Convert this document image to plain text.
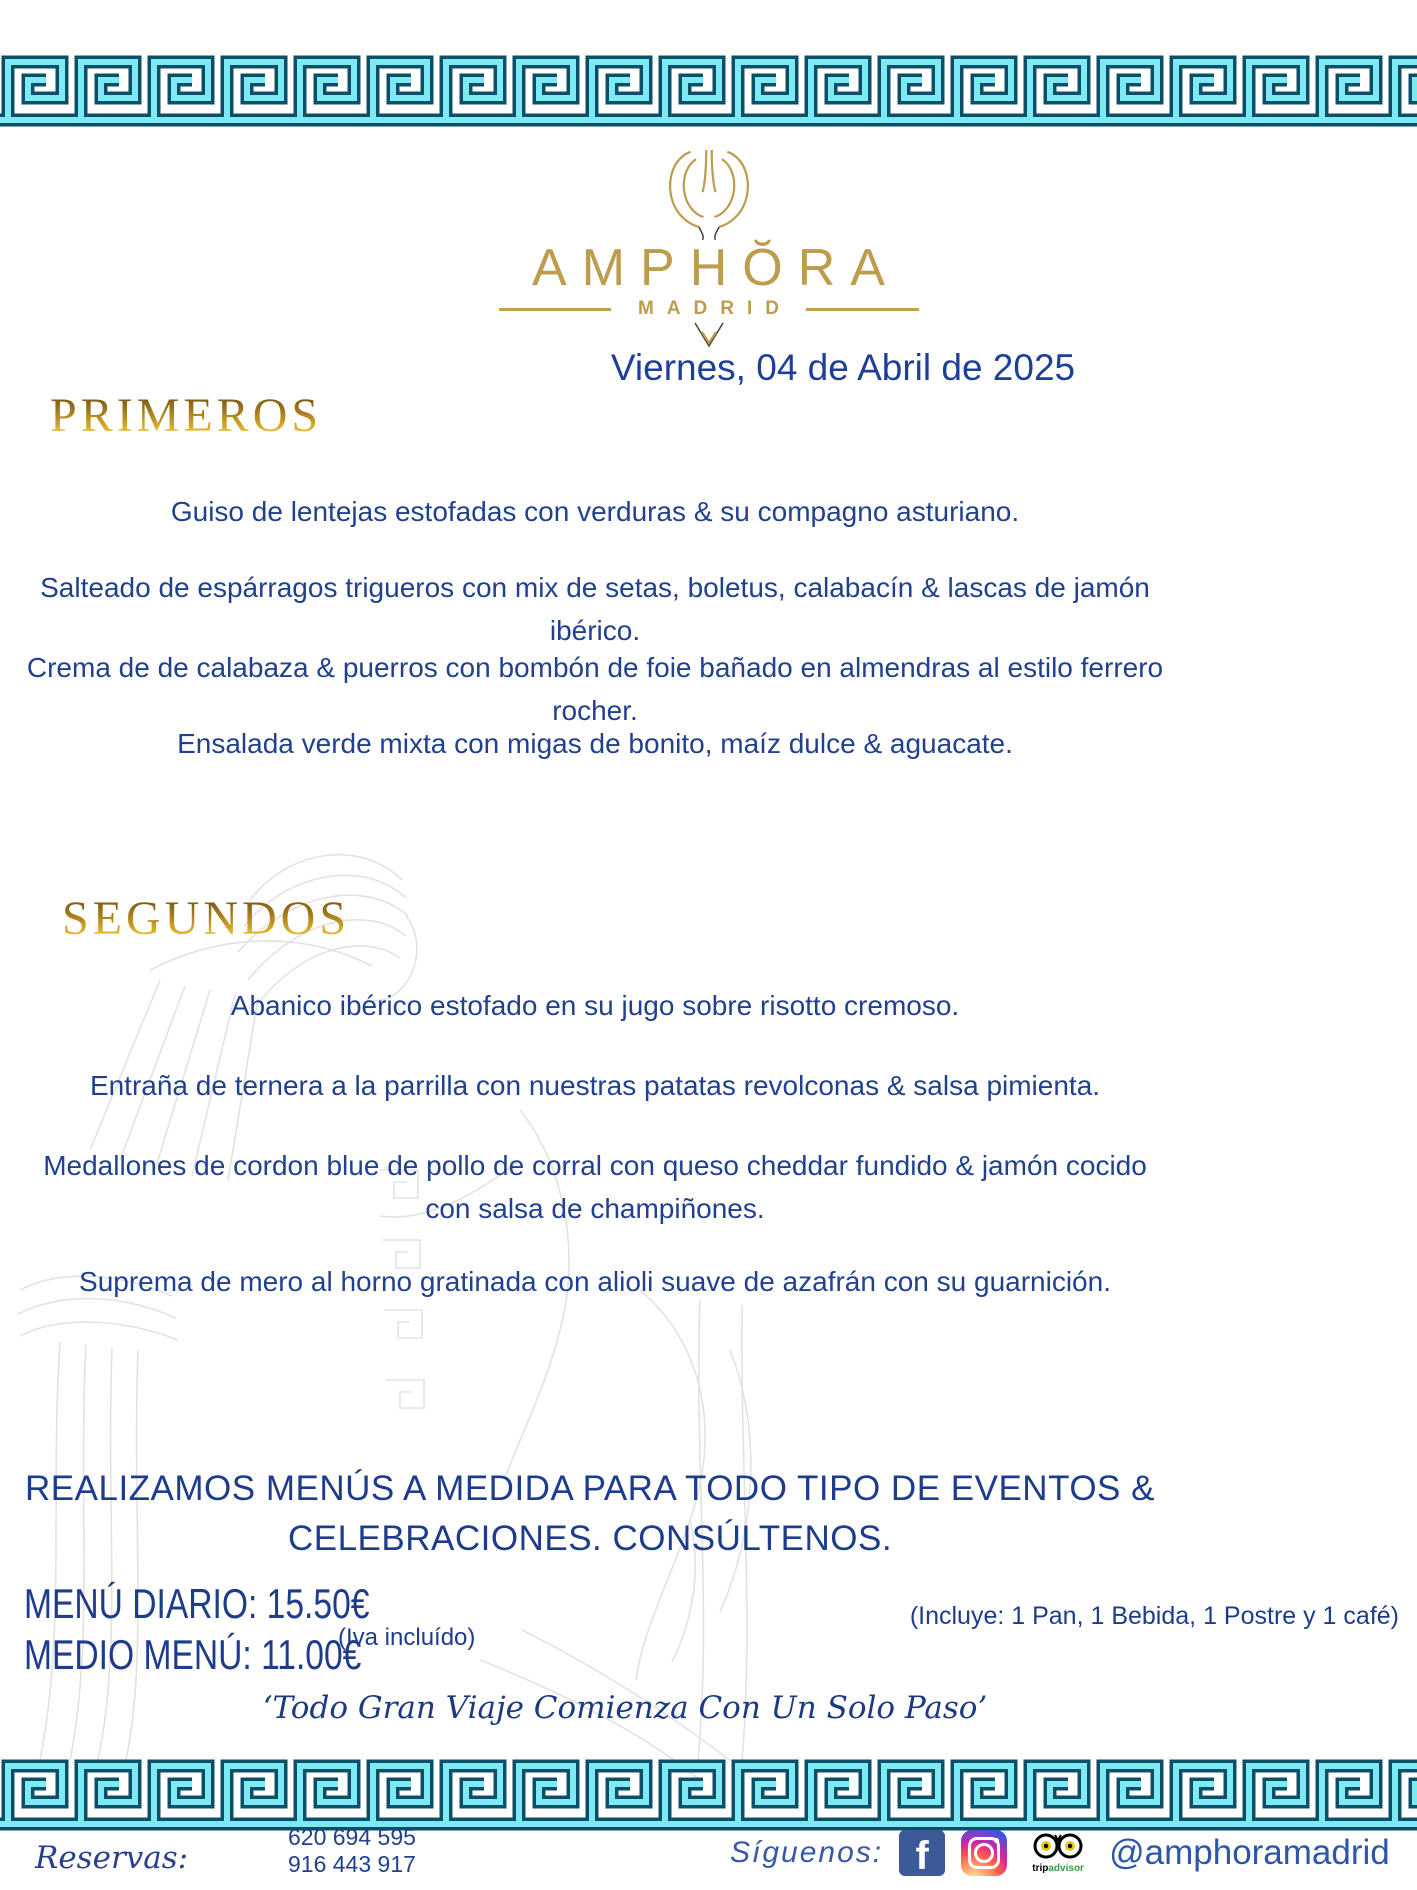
AMPHŎRA
MADRID
Viernes, 04 de Abril de 2025
PRIMEROS
Guiso de lentejas estofadas con verduras & su compagno asturiano.
Salteado de espárragos trigueros con mix de setas, boletus, calabacín & lascas de jamón ibérico.
Crema de de calabaza & puerros con bombón de foie bañado en almendras al estilo ferrero rocher.
Ensalada verde mixta con migas de bonito, maíz dulce & aguacate.
SEGUNDOS
Abanico ibérico estofado en su jugo sobre risotto cremoso.
Entraña de ternera a la parrilla con nuestras patatas revolconas & salsa pimienta.
Medallones de cordon blue de pollo de corral con queso cheddar fundido & jamón cocido con salsa de champiñones.
Suprema de mero al horno gratinada con alioli suave de azafrán con su guarnición.
REALIZAMOS MENÚS A MEDIDA PARA TODO TIPO DE EVENTOS &
CELEBRACIONES. CONSÚLTENOS.
MENÚ DIARIO: 15.50€
MEDIO MENÚ: 11.00€
(Iva incluído)
(Incluye: 1 Pan, 1 Bebida, 1 Postre y 1 café)
‘Todo Gran Viaje Comienza Con Un Solo Paso’
Reservas:
620 694 595
916 443 917	Síguenos: f	tripadvisor @amphoramadrid
